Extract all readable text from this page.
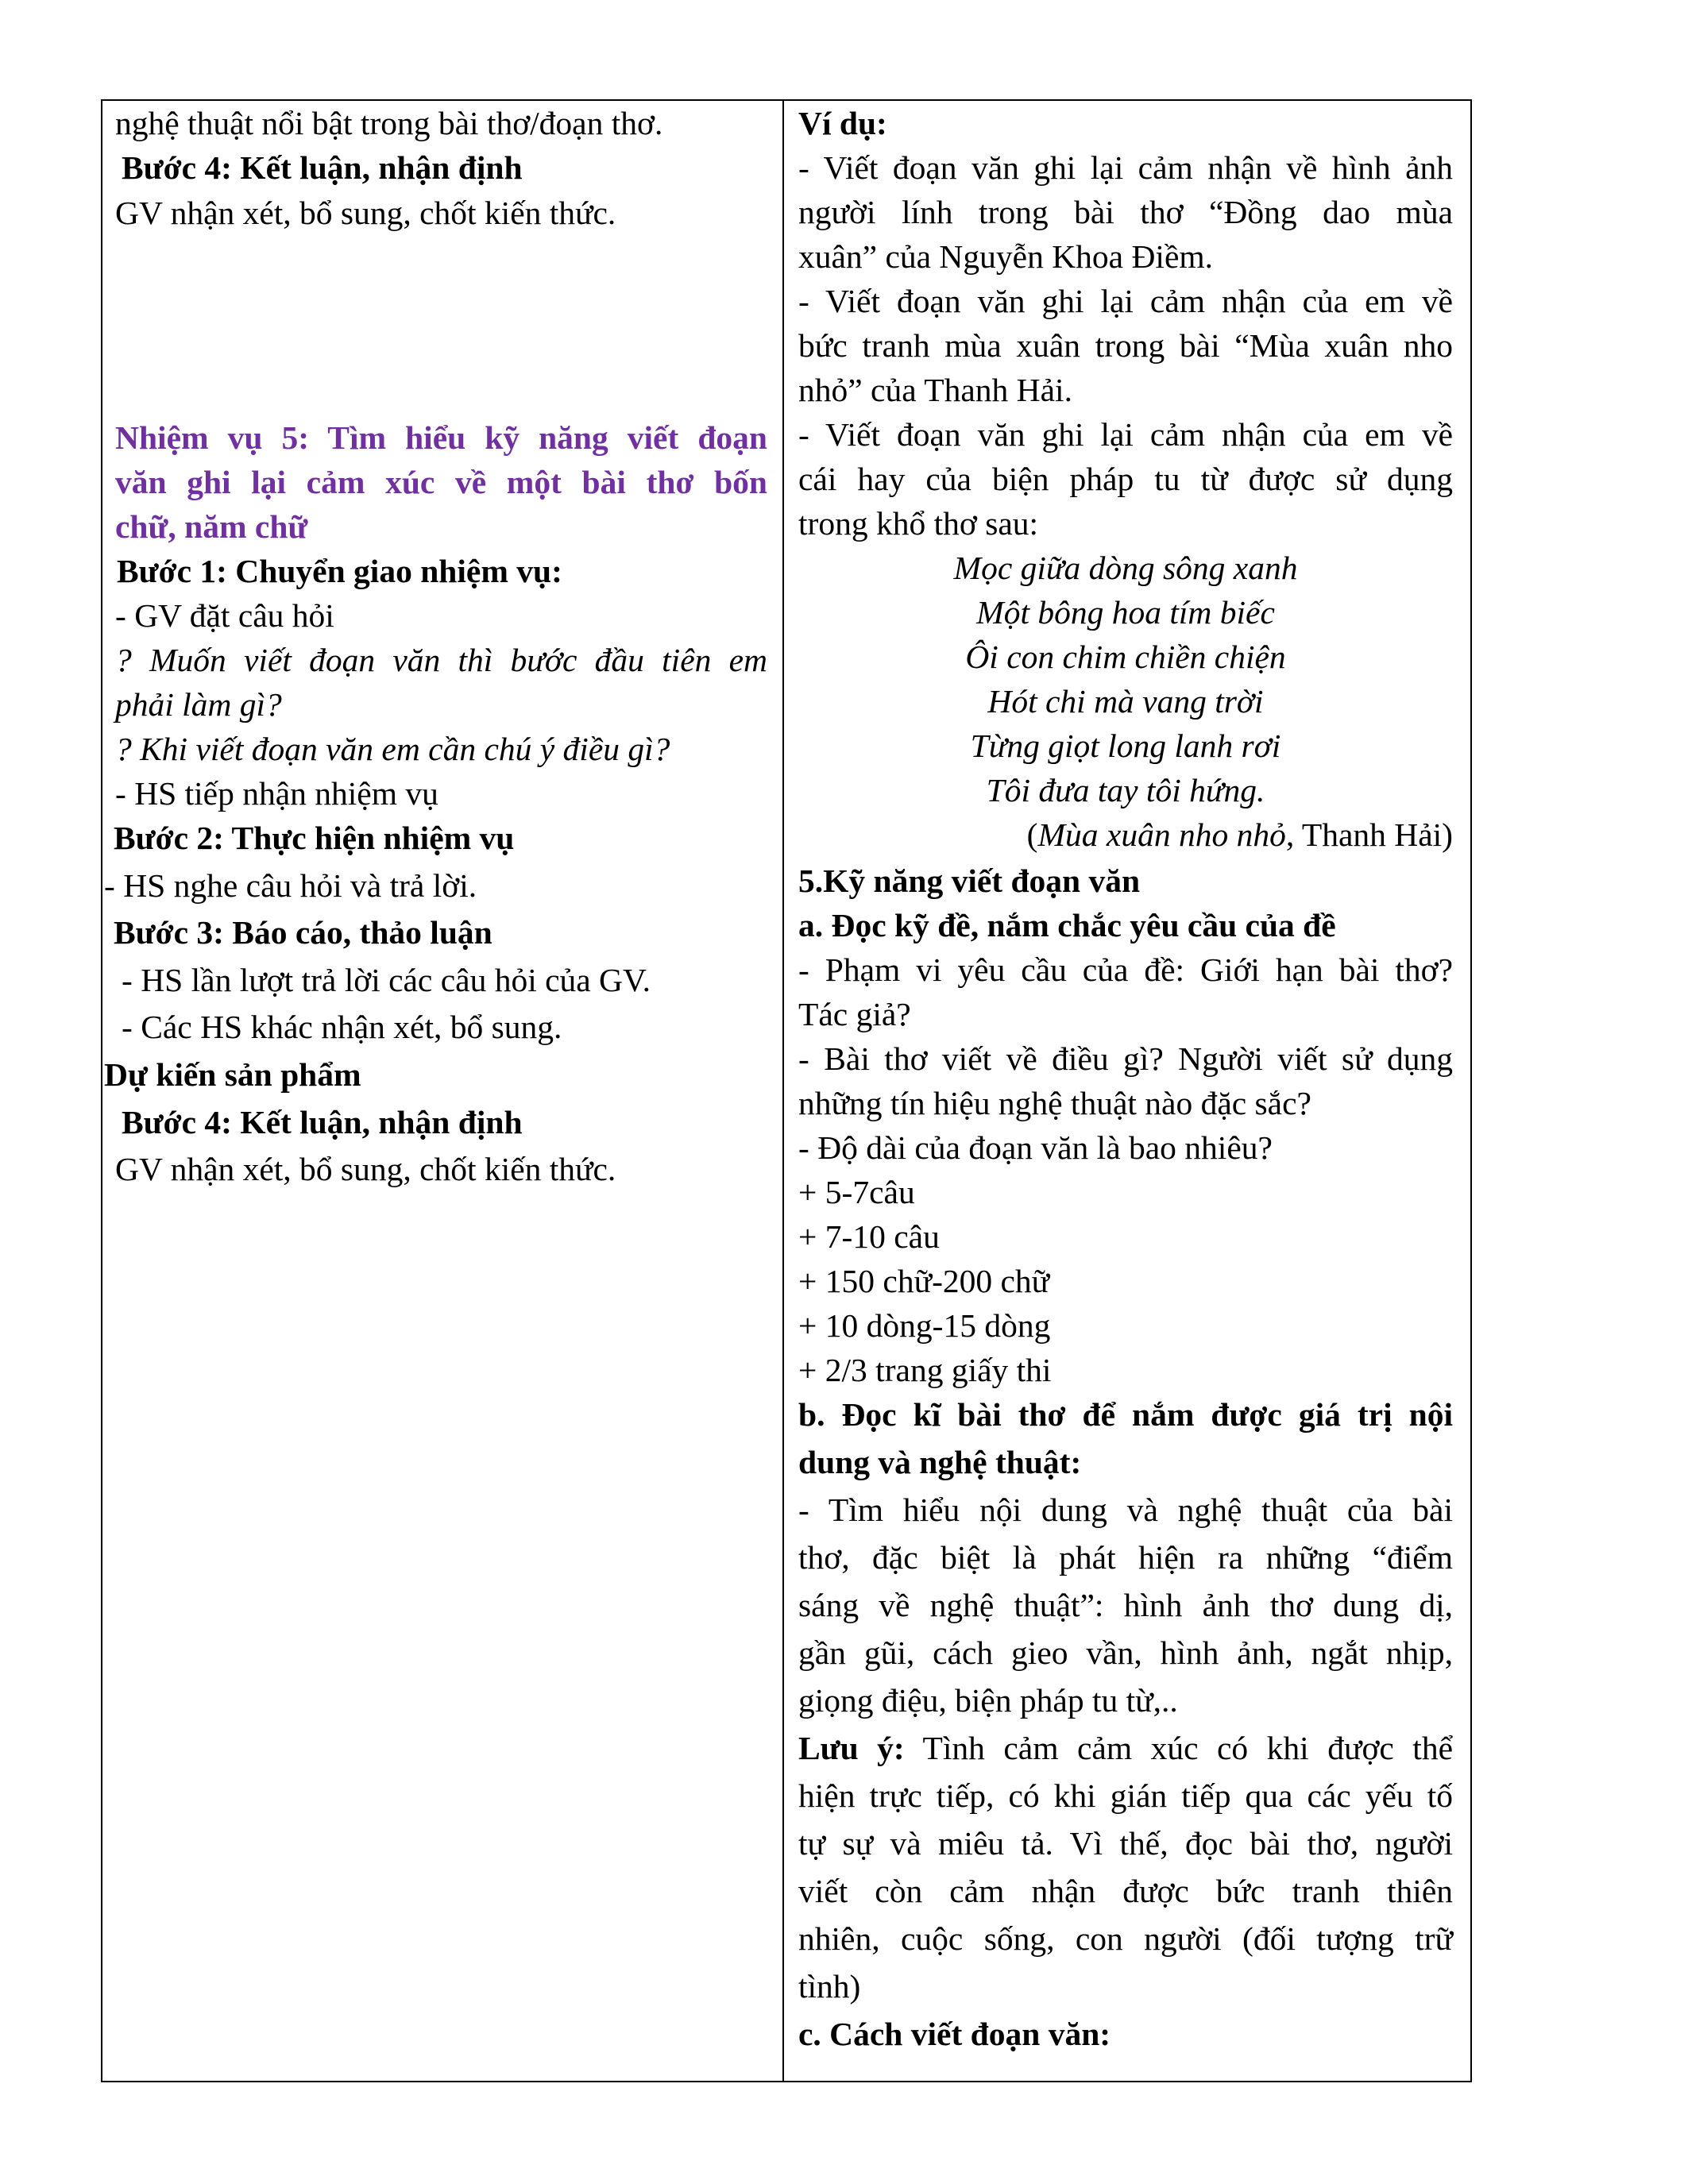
nghệ thuật nổi bật trong bài thơ/đoạn thơ.
Bước 4: Kết luận, nhận định
GV nhận xét, bổ sung, chốt kiến thức.
Nhiệm vụ 5: Tìm hiểu kỹ năng viết đoạn
văn ghi lại cảm xúc về một bài thơ bốn
chữ, năm chữ
Bước 1: Chuyển giao nhiệm vụ:
- GV đặt câu hỏi
? Muốn viết đoạn văn thì bước đầu tiên em
phải làm gì?
? Khi viết đoạn văn em cần chú ý điều gì?
- HS tiếp nhận nhiệm vụ
Bước 2: Thực hiện nhiệm vụ
- HS nghe câu hỏi và trả lời.
Bước 3: Báo cáo, thảo luận
- HS lần lượt trả lời các câu hỏi của GV.
- Các HS khác nhận xét, bổ sung.
Dự kiến sản phẩm
Bước 4: Kết luận, nhận định
GV nhận xét, bổ sung, chốt kiến thức.
Ví dụ:
- Viết đoạn văn ghi lại cảm nhận về hình ảnh
người lính trong bài thơ “Đồng dao mùa
xuân” của Nguyễn Khoa Điềm.
- Viết đoạn văn ghi lại cảm nhận của em về
bức tranh mùa xuân trong bài “Mùa xuân nho
nhỏ” của Thanh Hải.
- Viết đoạn văn ghi lại cảm nhận của em về
cái hay của biện pháp tu từ được sử dụng
trong khổ thơ sau:
Mọc giữa dòng sông xanh
Một bông hoa tím biếc
Ôi con chim chiền chiện
Hót chi mà vang trời
Từng giọt long lanh rơi
Tôi đưa tay tôi hứng.
(Mùa xuân nho nhỏ, Thanh Hải)
5.Kỹ năng viết đoạn văn
a. Đọc kỹ đề, nắm chắc yêu cầu của đề
- Phạm vi yêu cầu của đề: Giới hạn bài thơ?
Tác giả?
- Bài thơ viết về điều gì? Người viết sử dụng
những tín hiệu nghệ thuật nào đặc sắc?
- Độ dài của đoạn văn là bao nhiêu?
+ 5-7câu
+ 7-10 câu
+ 150 chữ-200 chữ
+ 10 dòng-15 dòng
+ 2/3 trang giấy thi
b. Đọc kĩ bài thơ để nắm được giá trị nội
dung và nghệ thuật:
- Tìm hiểu nội dung và nghệ thuật của bài
thơ, đặc biệt là phát hiện ra những “điểm
sáng về nghệ thuật”: hình ảnh thơ dung dị,
gần gũi, cách gieo vần, hình ảnh, ngắt nhịp,
giọng điệu, biện pháp tu từ,..
Lưu ý: Tình cảm cảm xúc có khi được thể
hiện trực tiếp, có khi gián tiếp qua các yếu tố
tự sự và miêu tả. Vì thế, đọc bài thơ, người
viết còn cảm nhận được bức tranh thiên
nhiên, cuộc sống, con người (đối tượng trữ
tình)
c. Cách viết đoạn văn:
